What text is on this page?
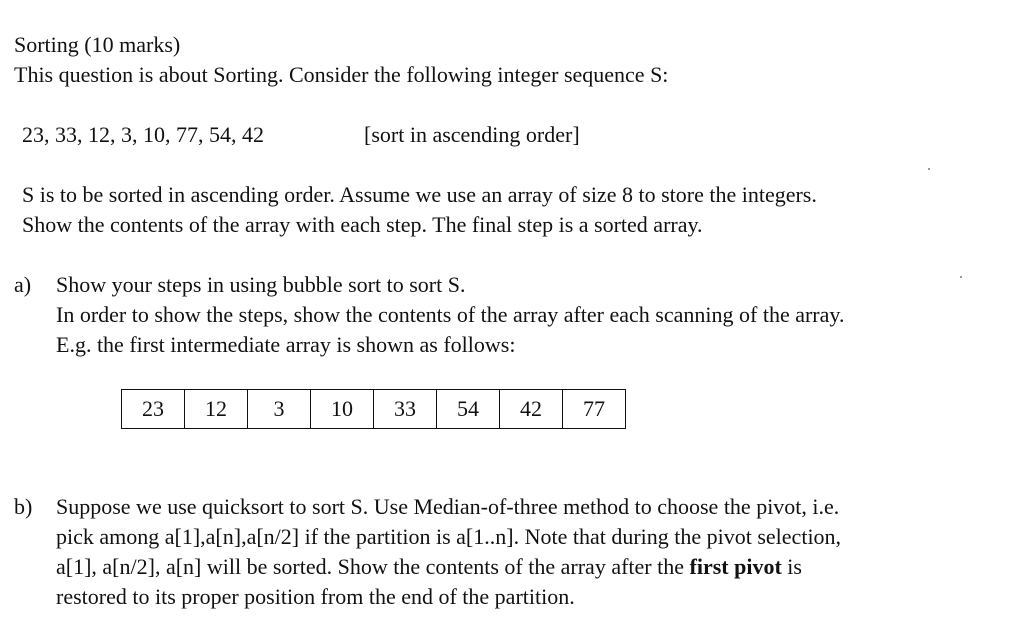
Sorting (10 marks)
This question is about Sorting. Consider the following integer sequence S:
23, 33, 12, 3, 10, 77, 54, 42	[sort in ascending order]
S is to be sorted in ascending order. Assume we use an array of size 8 to store the integers.
Show the contents of the array with each step. The final step is a sorted array.
a) Show your steps in using bubble sort to sort S.
In order to show the steps, show the contents of the array after each scanning of the array.
E.g. the first intermediate array is shown as follows:
23	12	3	10	33	54	42	77
b) Suppose we use quicksort to sort S. Use Median-of-three method to choose the pivot, i.e.
pick among a[1],a[n],a[n/2] if the partition is a[1..n]. Note that during the pivot selection,
a[1], a[n/2], a[n] will be sorted. Show the contents of the array after the first pivot is
restored to its proper position from the end of the partition.
